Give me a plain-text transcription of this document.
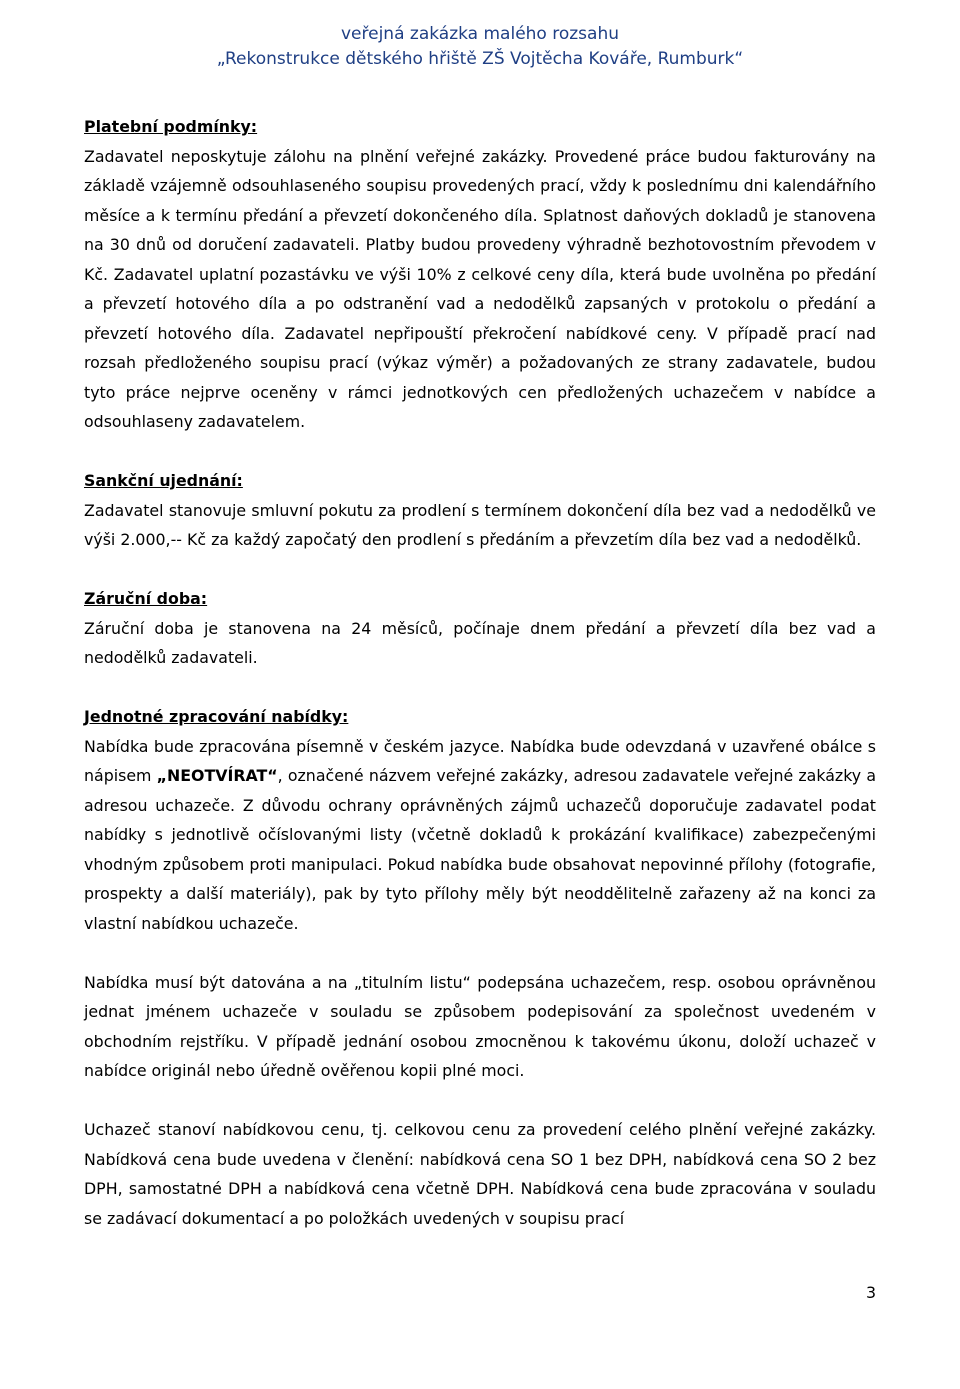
veřejná zakázka malého rozsahu
„Rekonstrukce dětského hřiště ZŠ Vojtěcha Kováře, Rumburk“

Platební podmínky:

Zadavatel neposkytuje zálohu na plnění veřejné zakázky. Provedené práce budou fakturovány na základě vzájemně odsouhlaseného soupisu provedených prací, vždy k poslednímu dni kalendářního měsíce a k termínu předání a převzetí dokončeného díla. Splatnost daňových dokladů je stanovena na 30 dnů od doručení zadavateli. Platby budou provedeny výhradně bezhotovostním převodem v Kč. Zadavatel uplatní pozastávku ve výši 10% z celkové ceny díla, která bude uvolněna po předání a převzetí hotového díla a po odstranění vad a nedodělků zapsaných v protokolu o předání a převzetí hotového díla. Zadavatel nepřipouští překročení nabídkové ceny. V případě prací nad rozsah předloženého soupisu prací (výkaz výměr) a požadovaných ze strany zadavatele, budou tyto práce nejprve oceněny v rámci jednotkových cen předložených uchazečem v nabídce a odsouhlaseny zadavatelem.

Sankční ujednání:

Zadavatel stanovuje smluvní pokutu za prodlení s termínem dokončení díla bez vad a nedodělků ve výši 2.000,-- Kč za každý započatý den prodlení s předáním a převzetím díla bez vad a nedodělků.

Záruční doba:

Záruční doba je stanovena na 24 měsíců, počínaje dnem předání a převzetí díla bez vad a nedodělků zadavateli.

Jednotné zpracování nabídky:

Nabídka bude zpracována písemně v českém jazyce. Nabídka bude odevzdaná v uzavřené obálce s nápisem „NEOTVÍRAT“, označené názvem veřejné zakázky, adresou zadavatele veřejné zakázky a adresou uchazeče. Z důvodu ochrany oprávněných zájmů uchazečů doporučuje zadavatel podat nabídky s jednotlivě očíslovanými listy (včetně dokladů k prokázání kvalifikace) zabezpečenými vhodným způsobem proti manipulaci. Pokud nabídka bude obsahovat nepovinné přílohy (fotografie, prospekty a další materiály), pak by tyto přílohy měly být neoddělitelně zařazeny až na konci za vlastní nabídkou uchazeče.

Nabídka musí být datována a na „titulním listu“ podepsána uchazečem, resp. osobou oprávněnou jednat jménem uchazeče v souladu se způsobem podepisování za společnost uvedeném v obchodním rejstříku. V případě jednání osobou zmocněnou k takovému úkonu, doloží uchazeč v nabídce originál nebo úředně ověřenou kopii plné moci.

Uchazeč stanoví nabídkovou cenu, tj. celkovou cenu za provedení celého plnění veřejné zakázky. Nabídková cena bude uvedena v členění: nabídková cena SO 1 bez DPH, nabídková cena SO 2 bez DPH, samostatné DPH a nabídková cena včetně DPH. Nabídková cena bude zpracována v souladu se zadávací dokumentací a po položkách uvedených v soupisu prací

3
